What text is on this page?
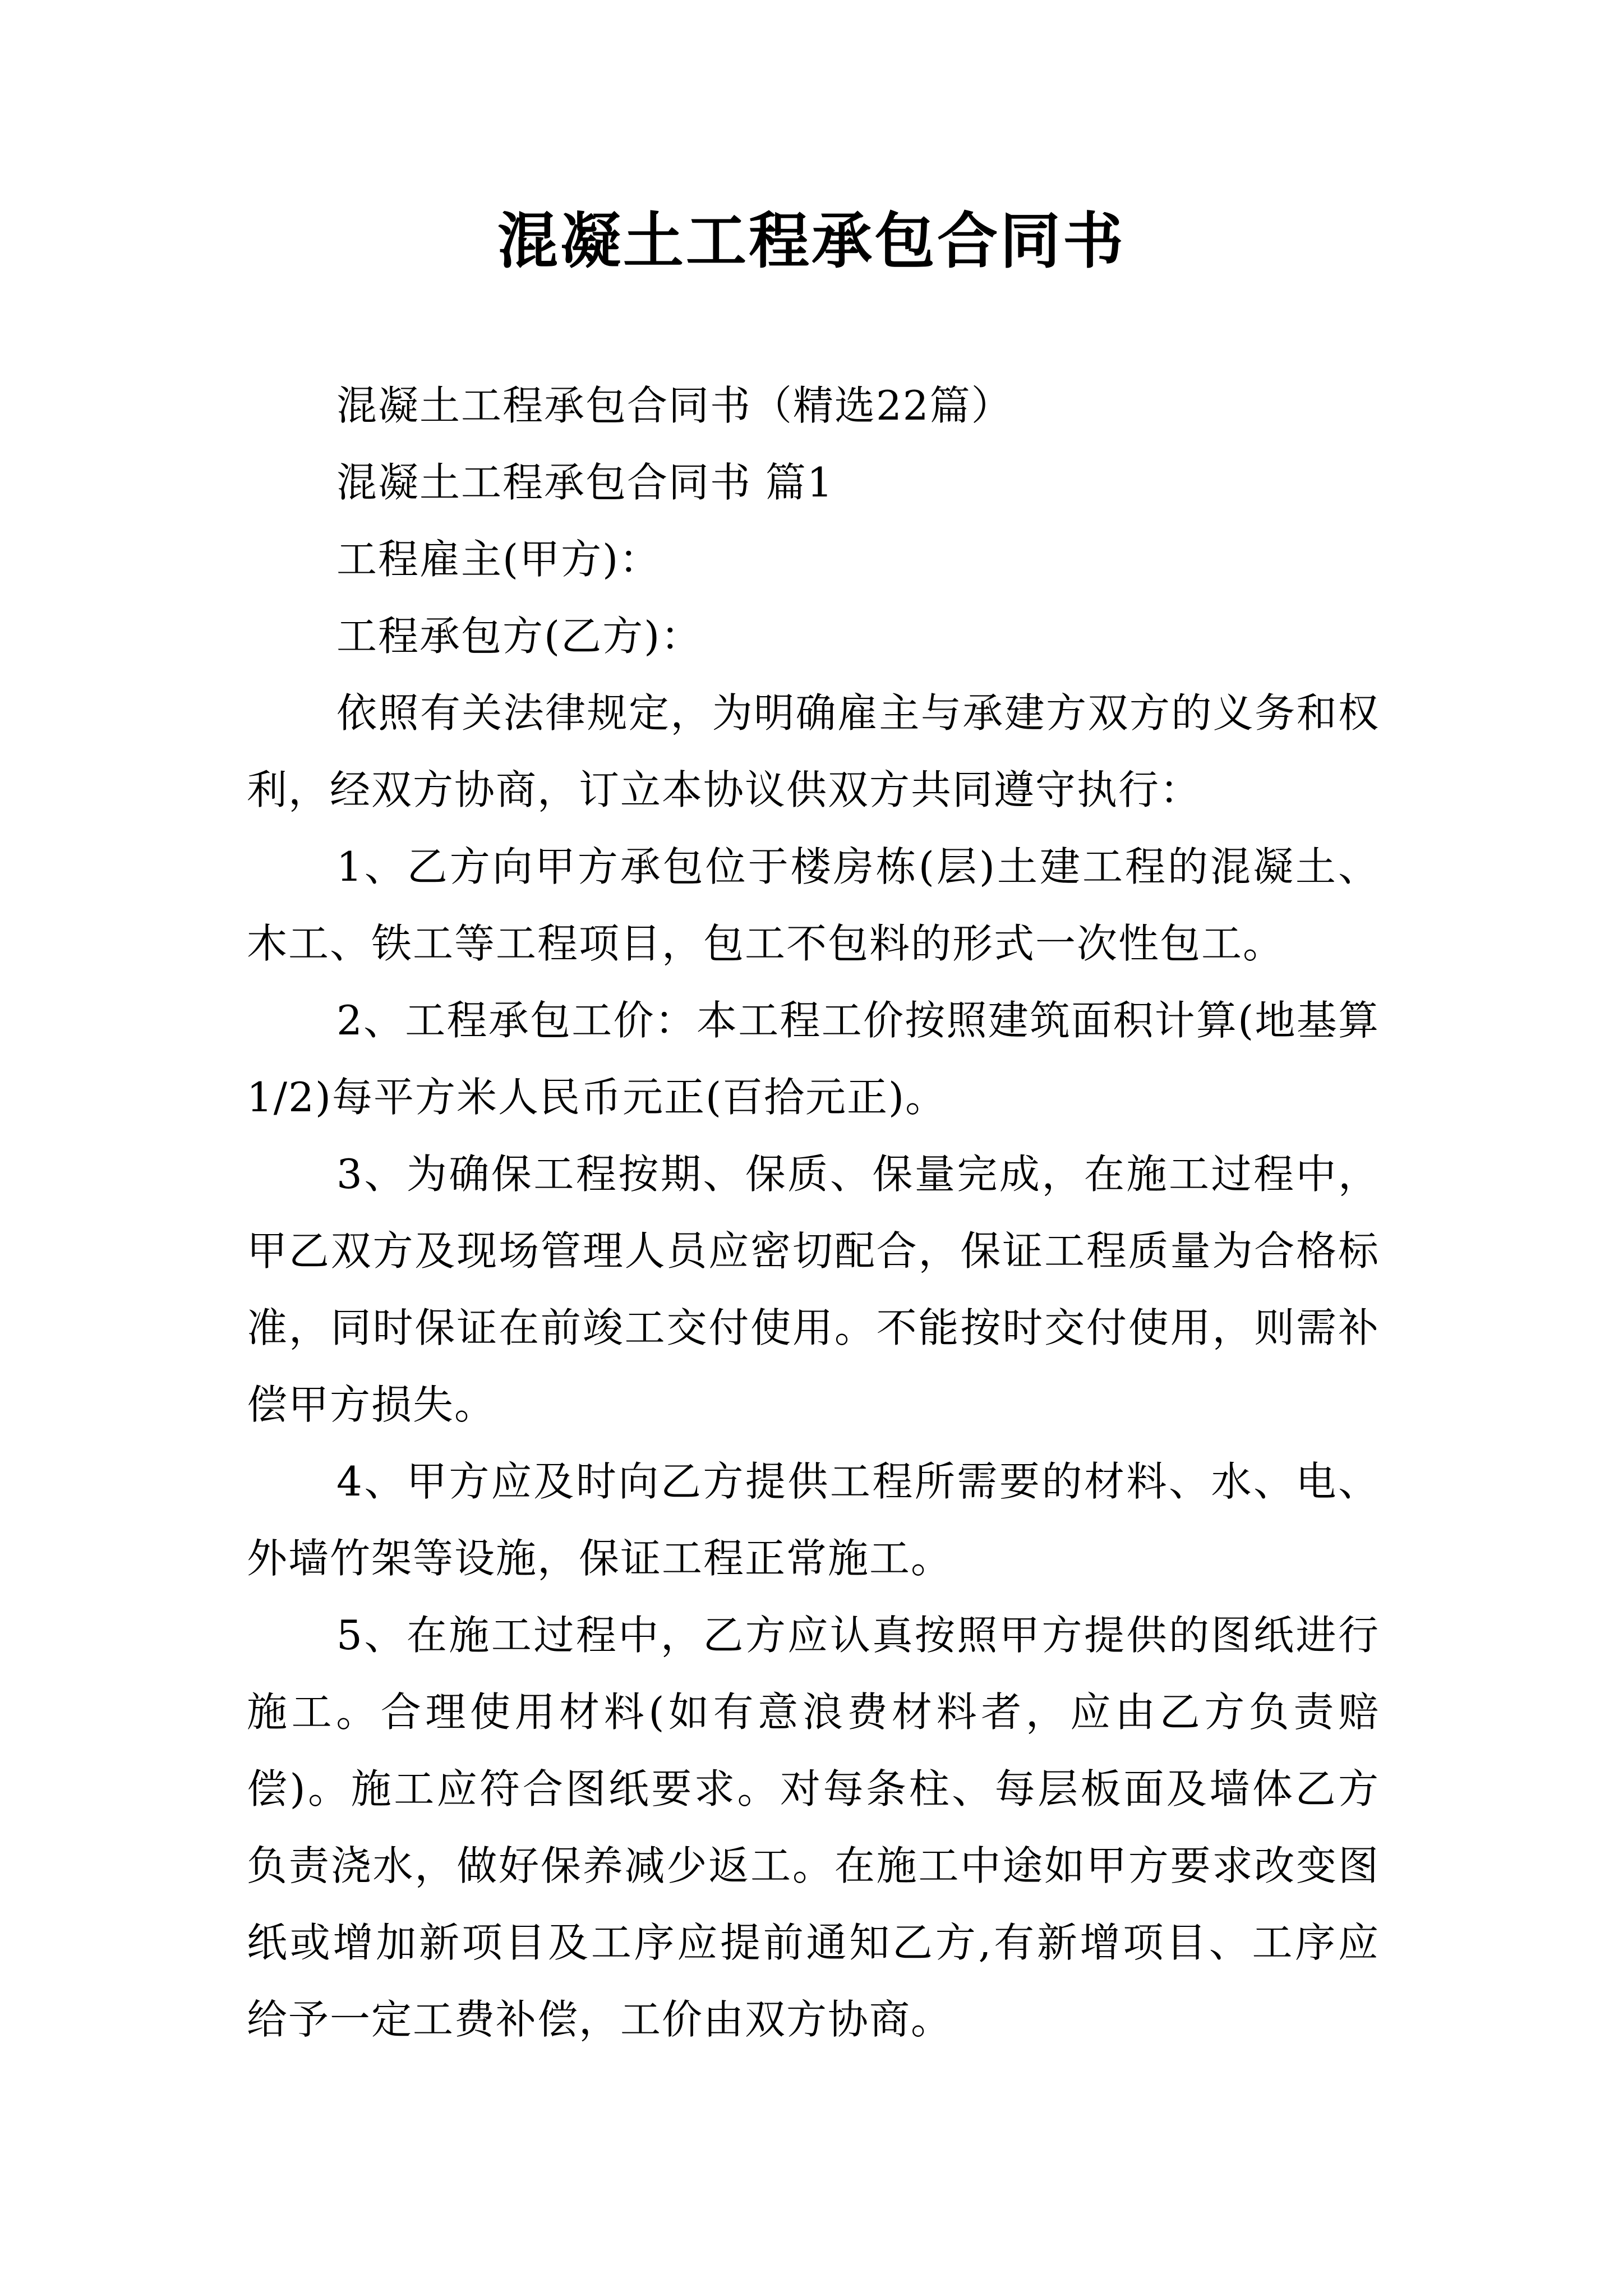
混凝土工程承包合同书

混凝土工程承包合同书（精选22篇）

混凝土工程承包合同书 篇1

工程雇主(甲方)：

工程承包方(乙方)：

依照有关法律规定，为明确雇主与承建方双方的义务和权利，经双方协商，订立本协议供双方共同遵守执行：

1、乙方向甲方承包位于楼房栋(层)土建工程的混凝土、木工、铁工等工程项目，包工不包料的形式一次性包工。

2、工程承包工价：本工程工价按照建筑面积计算(地基算1/2)每平方米人民币元正(百拾元正)。

3、为确保工程按期、保质、保量完成，在施工过程中，甲乙双方及现场管理人员应密切配合，保证工程质量为合格标准，同时保证在前竣工交付使用。不能按时交付使用，则需补偿甲方损失。

4、甲方应及时向乙方提供工程所需要的材料、水、电、外墙竹架等设施，保证工程正常施工。

5、在施工过程中，乙方应认真按照甲方提供的图纸进行施工。合理使用材料(如有意浪费材料者，应由乙方负责赔偿)。施工应符合图纸要求。对每条柱、每层板面及墙体乙方负责浇水，做好保养减少返工。在施工中途如甲方要求改变图纸或增加新项目及工序应提前通知乙方,有新增项目、工序应给予一定工费补偿，工价由双方协商。
